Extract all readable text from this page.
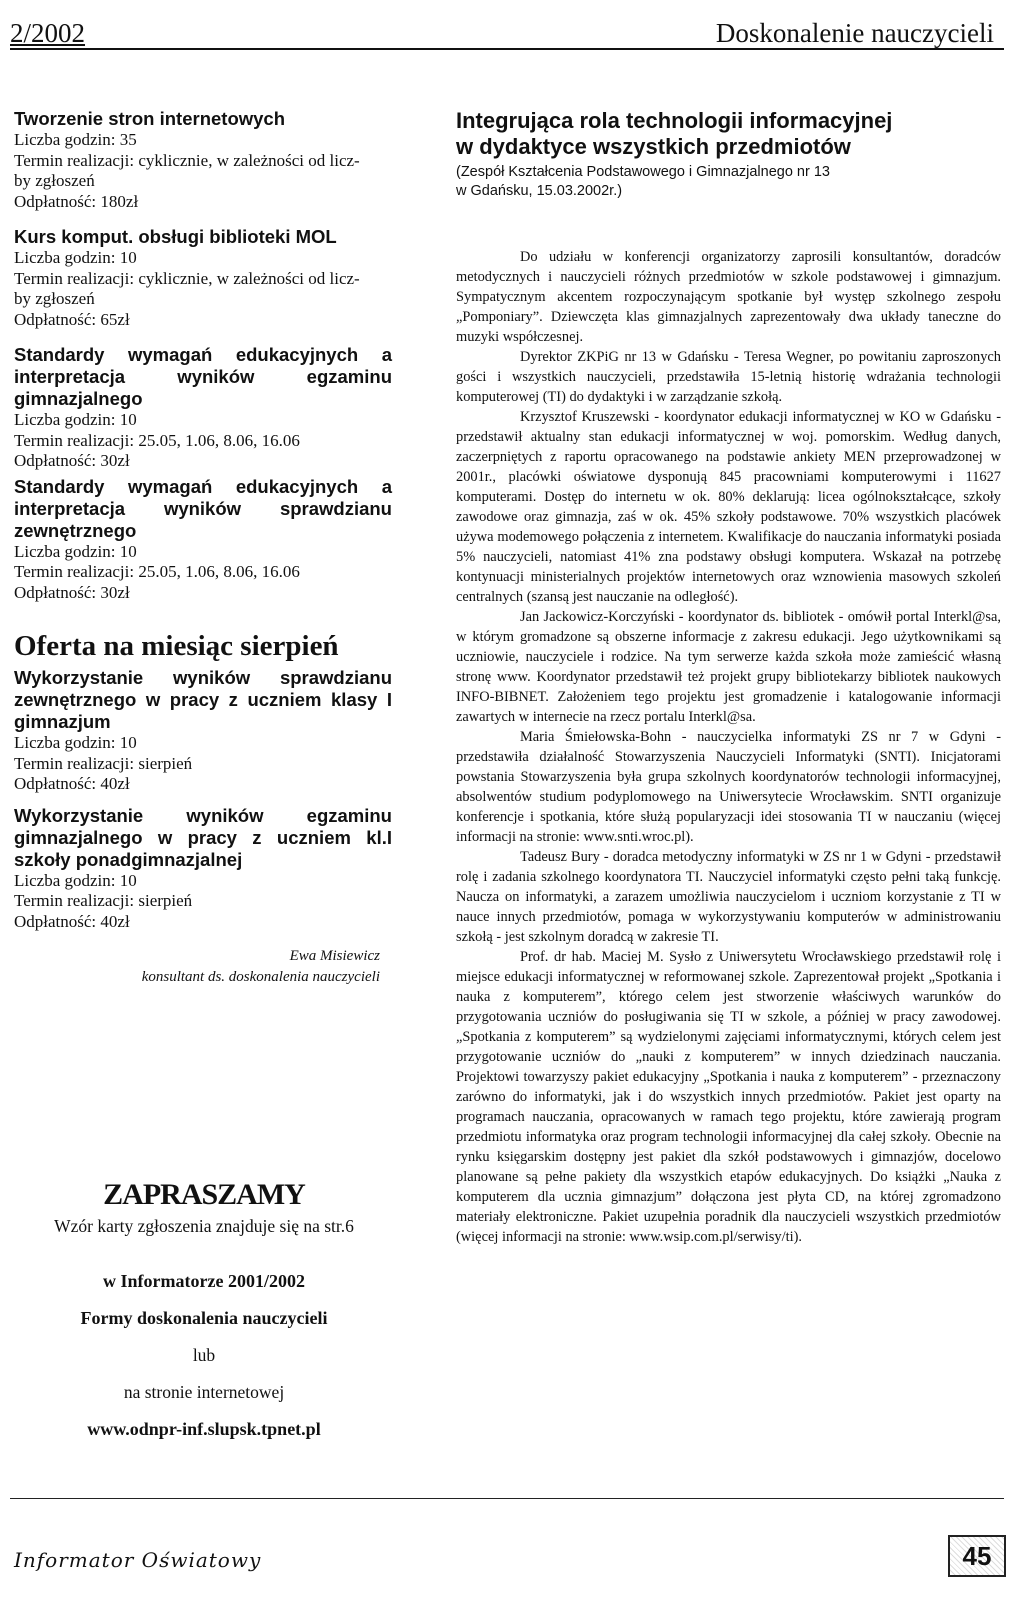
2/2002	Doskonalenie nauczycieli
Tworzenie stron internetowych
Liczba godzin: 35
Termin realizacji: cyklicznie, w zależności od licz-
by zgłoszeń
Odpłatność: 180zł
Kurs komput. obsługi biblioteki MOL
Liczba godzin: 10
Termin realizacji: cyklicznie, w zależności od licz-
by zgłoszeń
Odpłatność: 65zł
Standardy wymagań edukacyjnych a interpretacja wyników egzaminu gimnazjalnego
Liczba godzin: 10
Termin realizacji: 25.05, 1.06, 8.06, 16.06
Odpłatność: 30zł
Standardy wymagań edukacyjnych a interpretacja wyników sprawdzianu zewnętrznego
Liczba godzin: 10
Termin realizacji: 25.05, 1.06, 8.06, 16.06
Odpłatność: 30zł
Oferta na miesiąc sierpień
Wykorzystanie wyników sprawdzianu zewnętrznego w pracy z uczniem klasy I gimnazjum
Liczba godzin: 10
Termin realizacji: sierpień
Odpłatność: 40zł
Wykorzystanie wyników egzaminu gimnazjalnego w pracy z uczniem kl.I szkoły ponadgimnazjalnej
Liczba godzin: 10
Termin realizacji: sierpień
Odpłatność: 40zł
Ewa Misiewicz
konsultant ds. doskonalenia nauczycieli
ZAPRASZAMY
Wzór karty zgłoszenia znajduje się na str.6

w Informatorze 2001/2002

Formy doskonalenia nauczycieli

lub

na stronie internetowej

www.odnpr-inf.slupsk.tpnet.pl

Integrująca rola technologii informacyjnej
w dydaktyce wszystkich przedmiotów
(Zespół Kształcenia Podstawowego i Gimnazjalnego nr 13
w Gdańsku, 15.03.2002r.)

Do udziału w konferencji organizatorzy zaprosili konsultantów, doradców metodycznych i nauczycieli różnych przedmiotów w szkole podstawowej i gimnazjum. Sympatycznym akcentem rozpoczynającym spotkanie był występ szkolnego zespołu „Pomponiary”. Dziewczęta klas gimnazjalnych zaprezentowały dwa układy taneczne do muzyki współczesnej.

Dyrektor ZKPiG nr 13 w Gdańsku - Teresa Wegner, po powitaniu zaproszonych gości i wszystkich nauczycieli, przedstawiła 15-letnią historię wdrażania technologii komputerowej (TI) do dydaktyki i w zarządzanie szkołą.

Krzysztof Kruszewski - koordynator edukacji informatycznej w KO w Gdańsku - przedstawił aktualny stan edukacji informatycznej w woj. pomorskim. Według danych, zaczerpniętych z raportu opracowanego na podstawie ankiety MEN przeprowadzonej w 2001r., placówki oświatowe dysponują 845 pracowniami komputerowymi i 11627 komputerami. Dostęp do internetu w ok. 80% deklarują: licea ogólnokształcące, szkoły zawodowe oraz gimnazja, zaś w ok. 45% szkoły podstawowe. 70% wszystkich placówek używa modemowego połączenia z internetem. Kwalifikacje do nauczania informatyki posiada 5% nauczycieli, natomiast 41% zna podstawy obsługi komputera. Wskazał na potrzebę kontynuacji ministerialnych projektów internetowych oraz wznowienia masowych szkoleń centralnych (szansą jest nauczanie na odległość).

Jan Jackowicz-Korczyński - koordynator ds. bibliotek - omówił portal Interkl@sa, w którym gromadzone są obszerne informacje z zakresu edukacji. Jego użytkownikami są uczniowie, nauczyciele i rodzice. Na tym serwerze każda szkoła może zamieścić własną stronę www. Koordynator przedstawił też projekt grupy bibliotekarzy bibliotek naukowych INFO-BIBNET. Założeniem tego projektu jest gromadzenie i katalogowanie informacji zawartych w internecie na rzecz portalu Interkl@sa.

Maria Śmiełowska-Bohn - nauczycielka informatyki ZS nr 7 w Gdyni - przedstawiła działalność Stowarzyszenia Nauczycieli Informatyki (SNTI). Inicjatorami powstania Stowarzyszenia była grupa szkolnych koordynatorów technologii informacyjnej, absolwentów studium podyplomowego na Uniwersytecie Wrocławskim. SNTI organizuje konferencje i spotkania, które służą popularyzacji idei stosowania TI w nauczaniu (więcej informacji na stronie: www.snti.wroc.pl).

Tadeusz Bury - doradca metodyczny informatyki w ZS nr 1 w Gdyni - przedstawił rolę i zadania szkolnego koordynatora TI. Nauczyciel informatyki często pełni taką funkcję. Naucza on informatyki, a zarazem umożliwia nauczycielom i uczniom korzystanie z TI w nauce innych przedmiotów, pomaga w wykorzystywaniu komputerów w administrowaniu szkołą - jest szkolnym doradcą w zakresie TI.

Prof. dr hab. Maciej M. Sysło z Uniwersytetu Wrocławskiego przedstawił rolę i miejsce edukacji informatycznej w reformowanej szkole. Zaprezentował projekt „Spotkania i nauka z komputerem”, którego celem jest stworzenie właściwych warunków do przygotowania uczniów do posługiwania się TI w szkole, a później w pracy zawodowej. „Spotkania z komputerem” są wydzielonymi zajęciami informatycznymi, których celem jest przygotowanie uczniów do „nauki z komputerem” w innych dziedzinach nauczania. Projektowi towarzyszy pakiet edukacyjny „Spotkania i nauka z komputerem” - przeznaczony zarówno do informatyki, jak i do wszystkich innych przedmiotów. Pakiet jest oparty na programach nauczania, opracowanych w ramach tego projektu, które zawierają program przedmiotu informatyka oraz program technologii informacyjnej dla całej szkoły. Obecnie na rynku księgarskim dostępny jest pakiet dla szkół podstawowych i gimnazjów, docelowo planowane są pełne pakiety dla wszystkich etapów edukacyjnych. Do książki „Nauka z komputerem dla ucznia gimnazjum” dołączona jest płyta CD, na której zgromadzono materiały elektroniczne. Pakiet uzupełnia poradnik dla nauczycieli wszystkich przedmiotów (więcej informacji na stronie: www.wsip.com.pl/serwisy/ti).

Informator Oświatowy	45
